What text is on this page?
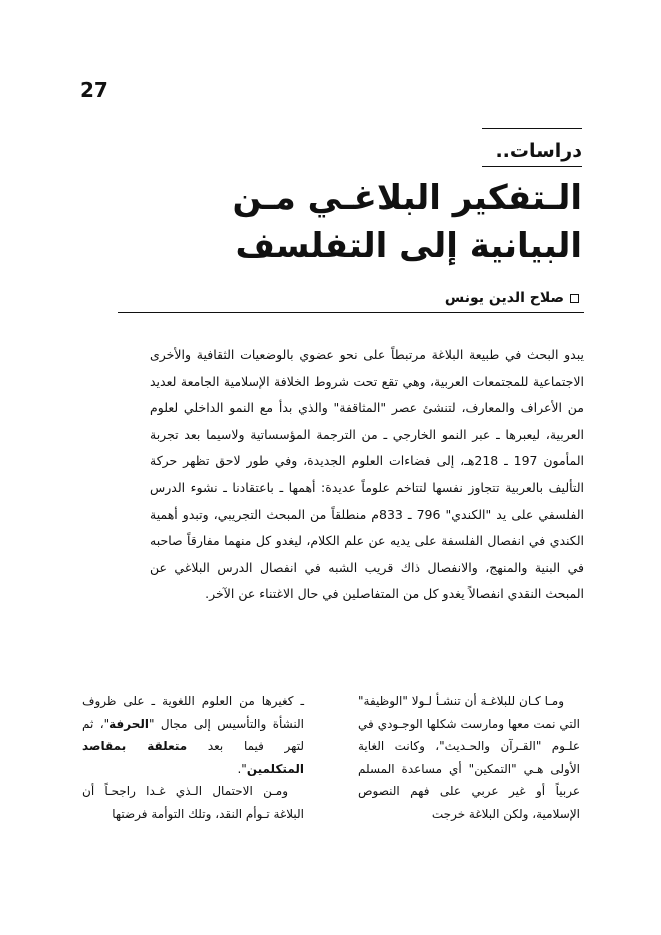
27
دراسات..
الـتفكير البلاغـي مـن
البيانية إلى التفلسف
صلاح الدين يونس

يبدو البحث في طبيعة البلاغة مرتبطاً على نحو عضوي بالوضعيات الثقافية والأخرى الاجتماعية للمجتمعات العربية، وهي تقع تحت شروط الخلافة الإسلامية الجامعة لعديد من الأعراف والمعارف، لتنشئ عصر "المثاقفة" والذي بدأ مع النمو الداخلي لعلوم العربية، ليعبرها ـ عبر النمو الخارجي ـ من الترجمة المؤسساتية ولاسيما بعد تجربة المأمون 197 ـ 218هـ، إلى فضاءات العلوم الجديدة، وفي طور لاحق تظهر حركة التأليف بالعربية تتجاوز نفسها لتتاخم علوماً عديدة: أهمها ـ باعتقادنا ـ نشوء الدرس الفلسفي على يد "الكندي" 796 ـ 833م منطلقاً من المبحث التجريبي، وتبدو أهمية الكندي في انفصال الفلسفة على يديه عن علم الكلام، ليغدو كل منهما مفارقاً صاحبه في البنية والمنهج، والانفصال ذاك قريب الشبه في انفصال الدرس البلاغي عن المبحث النقدي انفصالاً يغدو كل من المتفاصلين في حال الاغتناء عن الآخر.

ومـا كـان للبلاغـة أن تنشـأ لـولا "الوظيفة" التي نمت معها ومارست شكلها الوجـودي في علـوم "القـرآن والحـديث"، وكانت الغاية الأولى هـي "التمكين" أي مساعدة المسلم عربياً أو غير عربي على فهم النصوص الإسلامية، ولكن البلاغة خرجت

ـ كغيرها من العلوم اللغوية ـ على ظروف النشأة والتأسيس إلى مجال "الحرفة"، ثم لتهر فيما بعد متعلقة بمقاصد المتكلمين".

ومـن الاحتمال الـذي غـدا راجحـاً أن البلاغة تـوأم النقد، وتلك التوأمة فرضتها
